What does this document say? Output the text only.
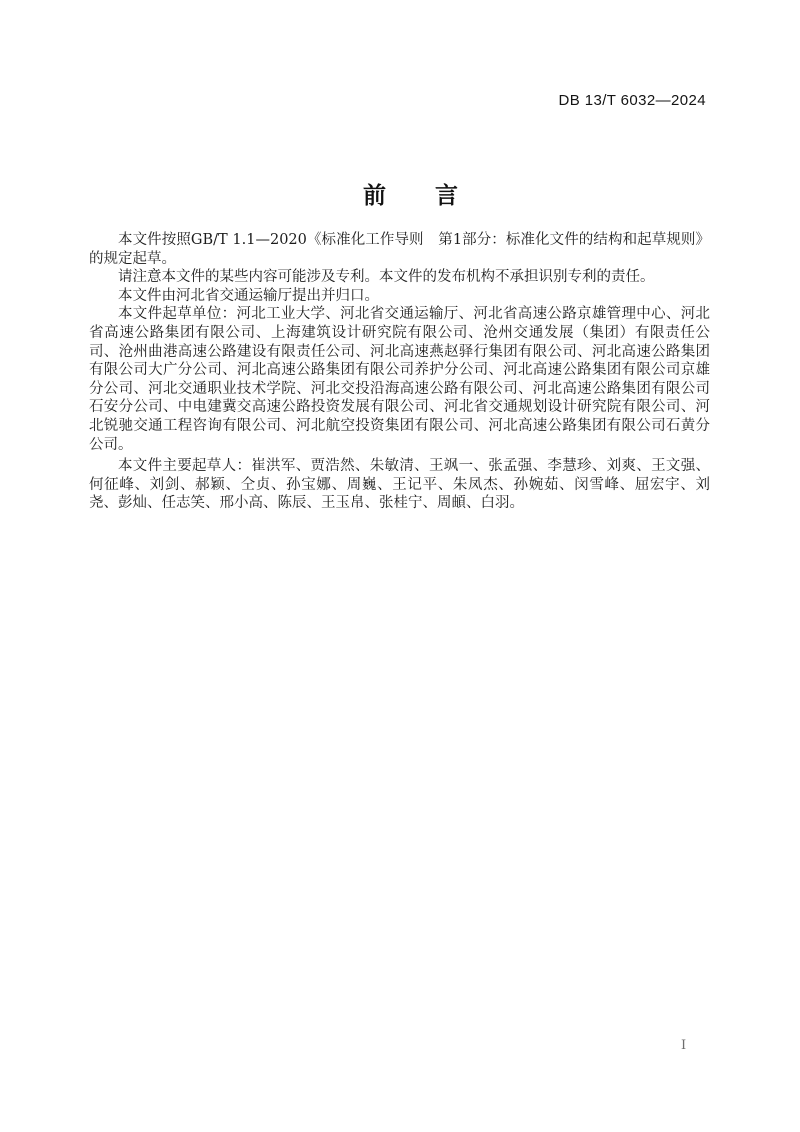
DB 13/T 6032—2024
前　　言

本文件按照GB/T 1.1—2020《标准化工作导则　第1部分：标准化文件的结构和起草规则》的规定起草。

请注意本文件的某些内容可能涉及专利。本文件的发布机构不承担识别专利的责任。

本文件由河北省交通运输厅提出并归口。

本文件起草单位：河北工业大学、河北省交通运输厅、河北省高速公路京雄管理中心、河北省高速公路集团有限公司、上海建筑设计研究院有限公司、沧州交通发展（集团）有限责任公司、沧州曲港高速公路建设有限责任公司、河北高速燕赵驿行集团有限公司、河北高速公路集团有限公司大广分公司、河北高速公路集团有限公司养护分公司、河北高速公路集团有限公司京雄分公司、河北交通职业技术学院、河北交投沿海高速公路有限公司、河北高速公路集团有限公司石安分公司、中电建冀交高速公路投资发展有限公司、河北省交通规划设计研究院有限公司、河北锐驰交通工程咨询有限公司、河北航空投资集团有限公司、河北高速公路集团有限公司石黄分公司。

本文件主要起草人：崔洪军、贾浩然、朱敏清、王飒一、张孟强、李慧珍、刘爽、王文强、何征峰、刘剑、郝颖、仝贞、孙宝娜、周巍、王记平、朱凤杰、孙婉茹、闵雪峰、屈宏宇、刘尧、彭灿、任志笑、邢小高、陈辰、王玉帛、张桂宁、周頔、白羽。

I
